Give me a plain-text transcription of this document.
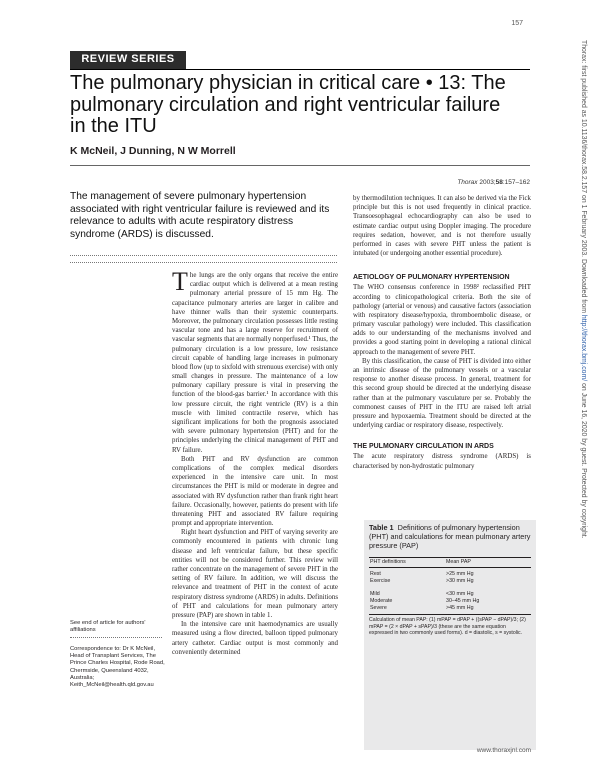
157
REVIEW SERIES
The pulmonary physician in critical care • 13: The pulmonary circulation and right ventricular failure in the ITU
K McNeil, J Dunning, N W Morrell
Thorax 2003;58:157–162
The management of severe pulmonary hypertension associated with right ventricular failure is reviewed and its relevance to adults with acute respiratory distress syndrome (ARDS) is discussed.

The lungs are the only organs that receive the entire cardiac output which is delivered at a mean resting pulmonary arterial pressure of 15 mm Hg. The capacitance pulmonary arteries are larger in calibre and have thinner walls than their systemic counterparts. Moreover, the pulmonary circulation possesses little resting vascular tone and has a large reserve for recruitment of vascular segments that are normally nonperfused.¹ Thus, the pulmonary circulation is a low pressure, low resistance circuit capable of handling large increases in pulmonary blood flow (up to sixfold with strenuous exercise) with only small changes in pressure. The maintenance of a low pulmonary capillary pressure is vital in preserving the function of the blood-gas barrier.¹ In accordance with this low pressure circuit, the right ventricle (RV) is a thin muscle with limited contractile reserve, which has significant implications for both the prognosis associated with severe pulmonary hypertension (PHT) and for the principles underlying the clinical management of PHT and RV failure.

Both PHT and RV dysfunction are common complications of the complex medical disorders experienced in the intensive care unit. In most circumstances the PHT is mild or moderate in degree and associated with RV dysfunction rather than frank right heart failure. Occasionally, however, patients do present with life threatening PHT and associated RV failure requiring prompt and appropriate intervention.

Right heart dysfunction and PHT of varying severity are commonly encountered in patients with chronic lung disease and left ventricular failure, but these specific entities will not be considered further. This review will rather concentrate on the management of severe PHT in the setting of RV failure. In addition, we will discuss the relevance and treatment of PHT in the context of acute respiratory distress syndrome (ARDS) in adults. Definitions of PHT and calculations for mean pulmonary artery pressure (PAP) are shown in table 1.

In the intensive care unit haemodynamics are usually measured using a flow directed, balloon tipped pulmonary artery catheter. Cardiac output is most commonly and conveniently determined

by thermodilution techniques. It can also be derived via the Fick principle but this is not used frequently in clinical practice. Transoesophageal echocardiography can also be used to estimate cardiac output using Doppler imaging. The procedure requires sedation, however, and is not therefore usually performed in cases with severe PHT unless the patient is intubated (or undergoing another essential procedure).

AETIOLOGY OF PULMONARY HYPERTENSION

The WHO consensus conference in 1998² reclassified PHT according to clinicopathological criteria. Both the site of pathology (arterial or venous) and causative factors (association with respiratory disease/hypoxia, thromboembolic disease, or primary vascular pathology) were included. This classification adds to our understanding of the mechanisms involved and provides a good starting point in developing a rational clinical approach to the management of severe PHT.

By this classification, the cause of PHT is divided into either an intrinsic disease of the pulmonary vessels or a vascular response to another disease process. In general, treatment for this second group should be directed at the underlying disease rather than at the pulmonary vasculature per se. Probably the commonest causes of PHT in the ITU are raised left atrial pressure and hypoxaemia. Treatment should be directed at the underlying cardiac or respiratory disease, respectively.

THE PULMONARY CIRCULATION IN ARDS

The acute respiratory distress syndrome (ARDS) is characterised by non-hydrostatic pulmonary

See end of article for authors' affiliations
Correspondence to: Dr K McNeil, Head of Transplant Services, The Prince Charles Hospital, Rode Road, Chermside, Queensland 4032, Australia; Keith_McNeil@health.qld.gov.au
Table 1 Definitions of pulmonary hypertension (PHT) and calculations for mean pulmonary artery pressure (PAP)
PHT definitions	Mean PAP
Rest	>25 mm Hg
Exercise	>30 mm Hg
Mild	<30 mm Hg
Moderate	30–45 mm Hg
Severe	>45 mm Hg
Calculation of mean PAP: (1) mPAP = dPAP + ((sPAP − dPAP)/3; (2) mPAP = (2 × dPAP + sPAP)/3 (these are the same equation expressed in two commonly used forms). d = diastolic, s = systolic.
Thorax: first published as 10.1136/thorax.58.2.157 on 1 February 2003. Downloaded from http://thorax.bmj.com/ on June 16, 2020 by guest. Protected by copyright.
www.thoraxjnl.com
